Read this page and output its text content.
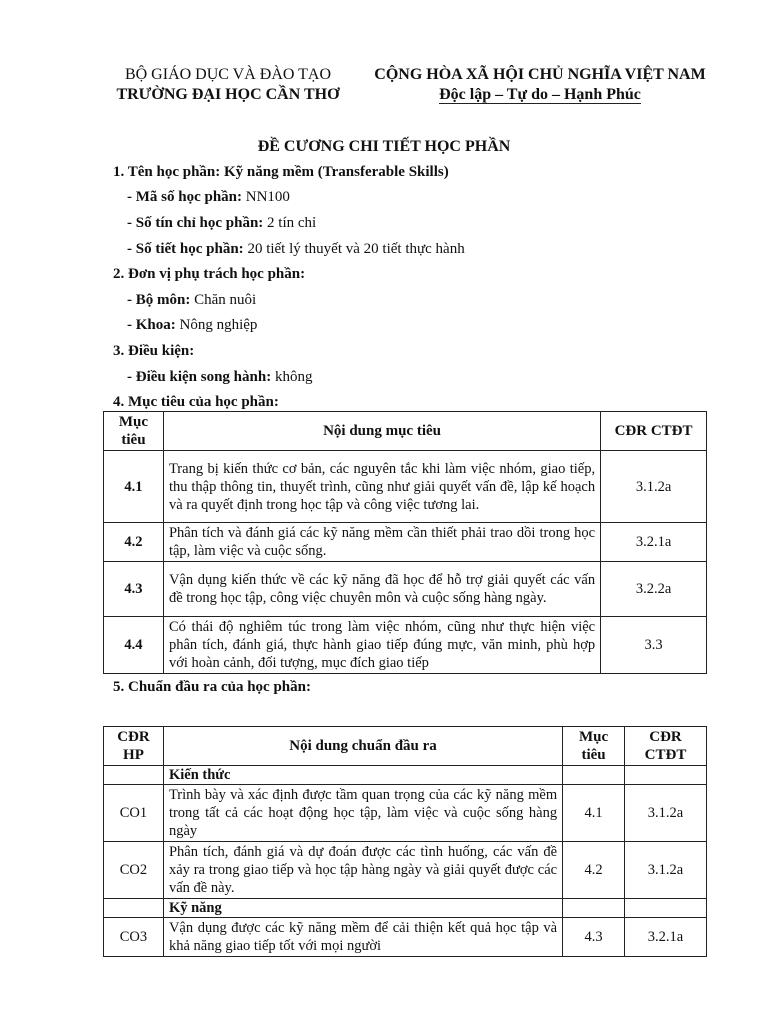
BỘ GIÁO DỤC VÀ ĐÀO TẠO
TRƯỜNG ĐẠI HỌC CẦN THƠ
CỘNG HÒA XÃ HỘI CHỦ NGHĨA VIỆT NAM
Độc lập – Tự do – Hạnh Phúc
ĐỀ CƯƠNG CHI TIẾT HỌC PHẦN
1. Tên học phần: Kỹ năng mềm (Transferable Skills)
- Mã số học phần: NN100
- Số tín chỉ học phần: 2 tín chỉ
- Số tiết học phần: 20 tiết lý thuyết và 20 tiết thực hành
2. Đơn vị phụ trách học phần:
- Bộ môn: Chăn nuôi
- Khoa: Nông nghiệp
3. Điều kiện:
- Điều kiện song hành: không
4. Mục tiêu của học phần:
Mục tiêu	Nội dung mục tiêu	CĐR CTĐT
4.1	Trang bị kiến thức cơ bản, các nguyên tắc khi làm việc nhóm, giao tiếp, thu thập thông tin, thuyết trình, cũng như giải quyết vấn đề, lập kế hoạch và ra quyết định trong học tập và công việc tương lai.	3.1.2a
4.2	Phân tích và đánh giá các kỹ năng mềm cần thiết phải trao dồi trong học tập, làm việc và cuộc sống.	3.2.1a
4.3	Vận dụng kiến thức về các kỹ năng đã học để hỗ trợ giải quyết các vấn đề trong học tập, công việc chuyên môn và cuộc sống hàng ngày.	3.2.2a
4.4	Có thái độ nghiêm túc trong làm việc nhóm, cũng như thực hiện việc phân tích, đánh giá, thực hành giao tiếp đúng mực, văn minh, phù hợp với hoàn cảnh, đối tượng, mục đích giao tiếp	3.3
5. Chuẩn đầu ra của học phần:
CĐR HP	Nội dung chuẩn đầu ra	Mục tiêu	CĐR CTĐT
	Kiến thức		
CO1	Trình bày và xác định được tầm quan trọng của các kỹ năng mềm trong tất cả các hoạt động học tập, làm việc và cuộc sống hàng ngày	4.1	3.1.2a
CO2	Phân tích, đánh giá và dự đoán được các tình huống, các vấn đề xảy ra trong giao tiếp và học tập hàng ngày và giải quyết được các vấn đề này.	4.2	3.1.2a
	Kỹ năng		
CO3	Vận dụng được các kỹ năng mềm để cải thiện kết quả học tập và khả năng giao tiếp tốt với mọi người	4.3	3.2.1a
